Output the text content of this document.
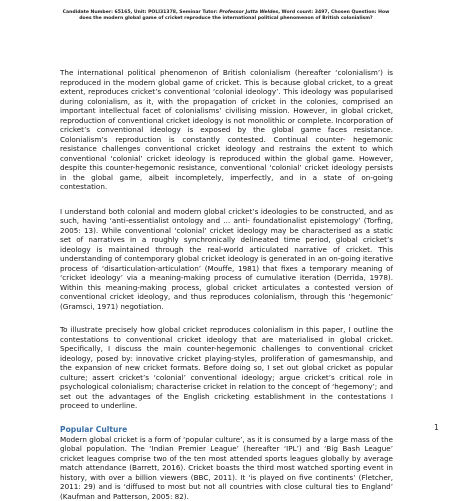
Candidate Number: 65165, Unit: POLI31378, Seminar Tutor: Professor Jutta Weldes, Word count: 3497, Chosen Question: How
does the modern global game of cricket reproduce the international political phenomenon of British colonialism?

The international political phenomenon of British colonialism (hereafter ‘colonialism’) is reproduced in the modern global game of cricket. This is because global cricket, to a great extent, reproduces cricket’s conventional ‘colonial ideology’. This ideology was popularised during colonialism, as it, with the propagation of cricket in the colonies, comprised an important intellectual facet of colonialisms’ civilising mission. However, in global cricket, reproduction of conventional cricket ideology is not monolithic or complete. Incorporation of cricket’s conventional ideology is exposed by the global game faces resistance. Colonialism’s reproduction is constantly contested. Continual counter- hegemonic resistance challenges conventional cricket ideology and restrains the extent to which conventional ‘colonial’ cricket ideology is reproduced within the global game. However, despite this counter-hegemonic resistance, conventional ‘colonial’ cricket ideology persists in the global game, albeit incompletely, imperfectly, and in a state of on-going contestation.

I understand both colonial and modern global cricket’s ideologies to be constructed, and as such, having ‘anti-essentialist ontology and … anti- foundationalist epistemology’ (Torfing, 2005: 13). While conventional ‘colonial’ cricket ideology may be characterised as a static set of narratives in a roughly synchronically delineated time period, global cricket’s ideology is maintained through the real-world articulated narrative of cricket. This understanding of contemporary global cricket ideology is generated in an on-going iterative process of ‘disarticulation-articulation’ (Mouffe, 1981) that fixes a temporary meaning of ‘cricket ideology’ via a meaning-making process of cumulative iteration (Derrida, 1978). Within this meaning-making process, global cricket articulates a contested version of conventional cricket ideology, and thus reproduces colonialism, through this ‘hegemonic’ (Gramsci, 1971) negotiation.

To illustrate precisely how global cricket reproduces colonialism in this paper, I outline the contestations to conventional cricket ideology that are materialised in global cricket. Specifically, I discuss the main counter-hegemonic challenges to conventional cricket ideology, posed by: innovative cricket playing-styles, proliferation of gamesmanship, and the expansion of new cricket formats. Before doing so, I set out global cricket as popular culture; assert cricket’s ‘colonial’ conventional ideology; argue cricket’s critical role in psychological colonialism; characterise cricket in relation to the concept of ‘hegemony’; and set out the advantages of the English cricketing establishment in the contestations I proceed to underline.

Popular Culture

Modern global cricket is a form of ‘popular culture’, as it is consumed by a large mass of the global population. The ‘Indian Premier League’ (hereafter ‘IPL’) and ‘Big Bash League’ cricket leagues comprise two of the ten most attended sports leagues globally by average match attendance (Barrett, 2016). Cricket boasts the third most watched sporting event in history, with over a billion viewers (BBC, 2011). It ‘is played on five continents’ (Fletcher, 2011: 29) and is ‘diffused to most but not all countries with close cultural ties to England’ (Kaufman and Patterson, 2005: 82).

1
